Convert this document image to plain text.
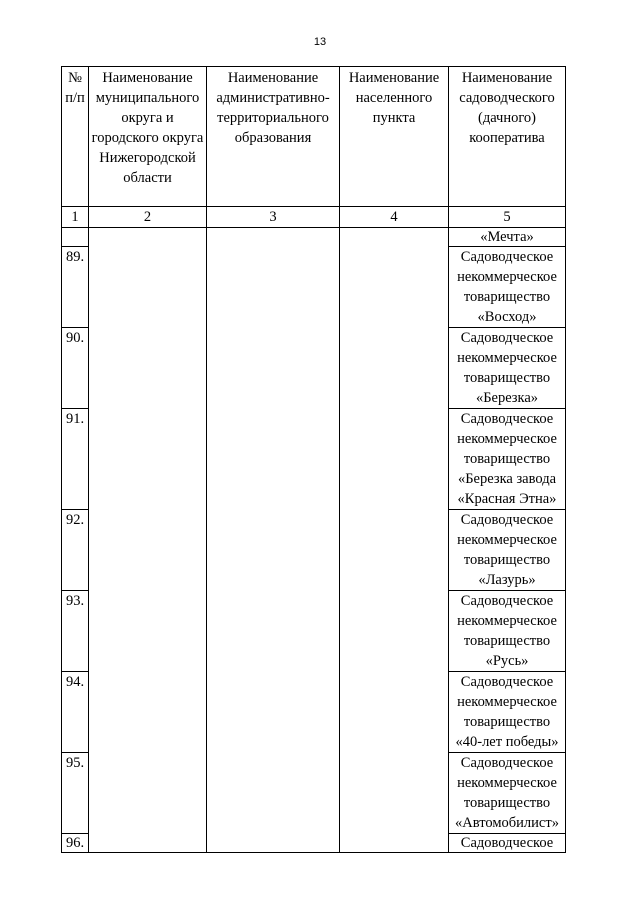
13
№ п/п	Наименование муниципального округа и городского округа Нижегородской области	Наименование административно-территориального образования	Наименование населенного пункта	Наименование садоводческого (дачного) кооператива
1	2	3	4	5
				«Мечта»
89.				Садоводческое некоммерческое товарищество «Восход»
90.				Садоводческое некоммерческое товарищество «Березка»
91.				Садоводческое некоммерческое товарищество «Березка завода «Красная Этна»
92.				Садоводческое некоммерческое товарищество «Лазурь»
93.				Садоводческое некоммерческое товарищество «Русь»
94.				Садоводческое некоммерческое товарищество «40-лет победы»
95.				Садоводческое некоммерческое товарищество «Автомобилист»
96.				Садоводческое
